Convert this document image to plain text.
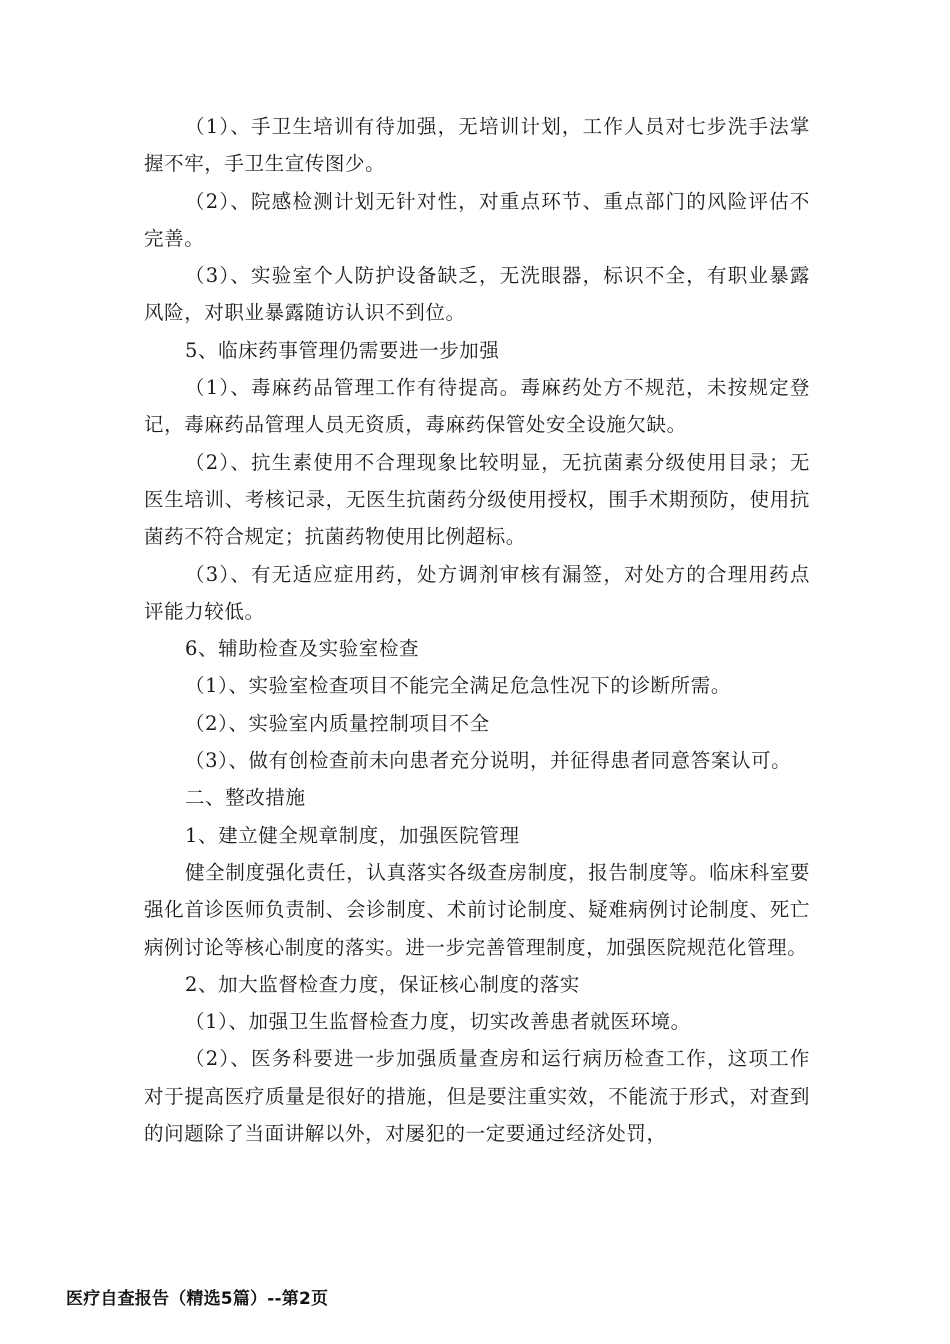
（1）、手卫生培训有待加强，无培训计划，工作人员对七步洗手法掌握不牢，手卫生宣传图少。

（2）、院感检测计划无针对性，对重点环节、重点部门的风险评估不完善。

（3）、实验室个人防护设备缺乏，无洗眼器，标识不全，有职业暴露风险，对职业暴露随访认识不到位。

5、临床药事管理仍需要进一步加强

（1）、毒麻药品管理工作有待提高。毒麻药处方不规范，未按规定登记，毒麻药品管理人员无资质，毒麻药保管处安全设施欠缺。

（2）、抗生素使用不合理现象比较明显，无抗菌素分级使用目录；无医生培训、考核记录，无医生抗菌药分级使用授权，围手术期预防，使用抗菌药不符合规定；抗菌药物使用比例超标。

（3）、有无适应症用药，处方调剂审核有漏签，对处方的合理用药点评能力较低。

6、辅助检查及实验室检查

（1）、实验室检查项目不能完全满足危急性况下的诊断所需。

（2）、实验室内质量控制项目不全

（3）、做有创检查前未向患者充分说明，并征得患者同意答案认可。

二、整改措施

1、建立健全规章制度，加强医院管理

健全制度强化责任，认真落实各级查房制度，报告制度等。临床科室要强化首诊医师负责制、会诊制度、术前讨论制度、疑难病例讨论制度、死亡病例讨论等核心制度的落实。进一步完善管理制度，加强医院规范化管理。

2、加大监督检查力度，保证核心制度的落实

（1）、加强卫生监督检查力度，切实改善患者就医环境。

（2）、医务科要进一步加强质量查房和运行病历检查工作，这项工作对于提高医疗质量是很好的措施，但是要注重实效，不能流于形式，对查到的问题除了当面讲解以外，对屡犯的一定要通过经济处罚，

医疗自查报告（精选5篇）--第2页
